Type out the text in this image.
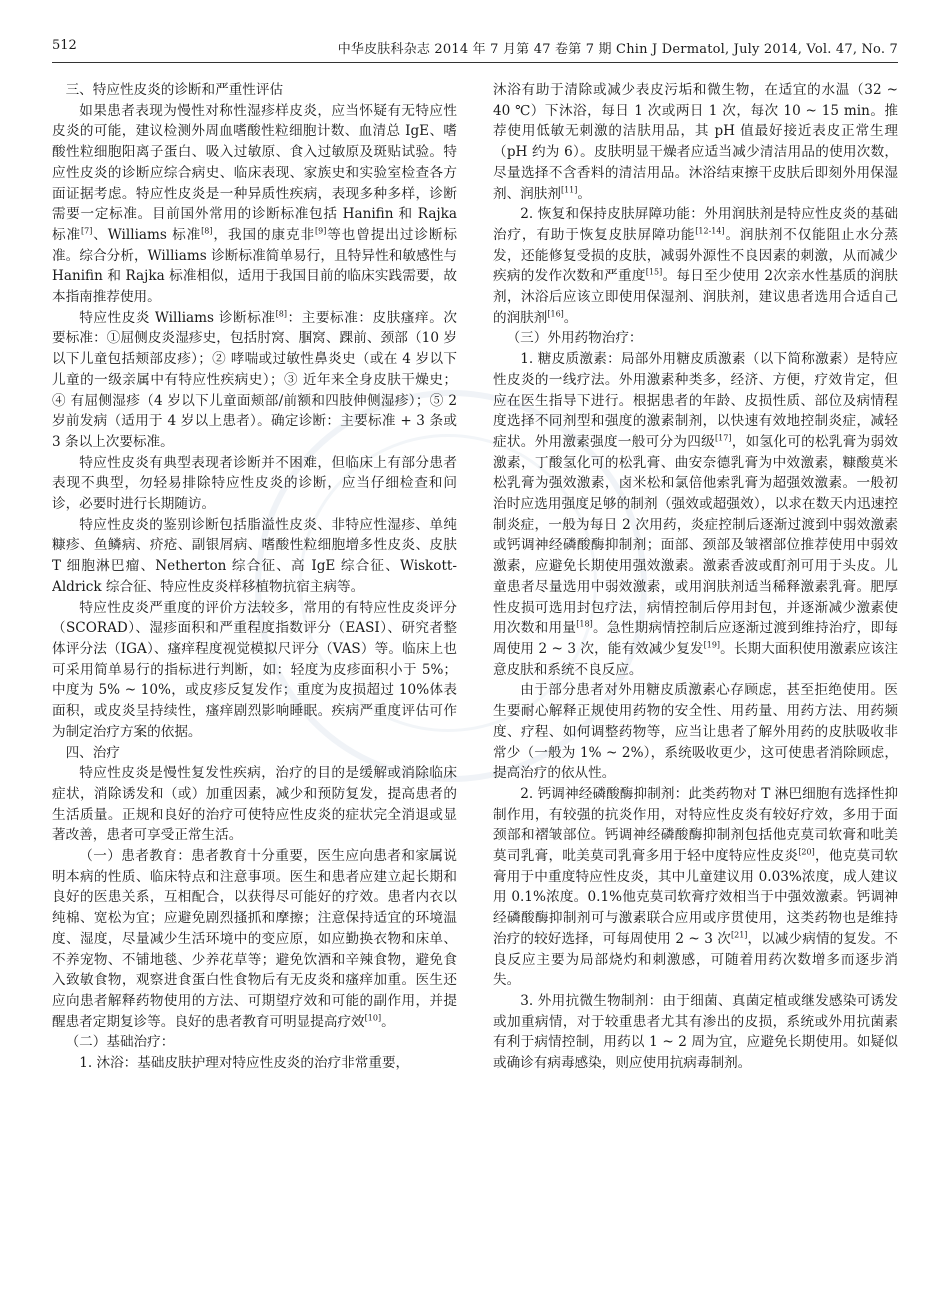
512	中华皮肤科杂志 2014 年 7 月第 47 卷第 7 期 Chin J Dermatol, July 2014, Vol. 47, No. 7

三、特应性皮炎的诊断和严重性评估

如果患者表现为慢性对称性湿疹样皮炎，应当怀疑有无特应性皮炎的可能，建议检测外周血嗜酸性粒细胞计数、血清总 IgE、嗜酸性粒细胞阳离子蛋白、吸入过敏原、食入过敏原及斑贴试验。特应性皮炎的诊断应综合病史、临床表现、家族史和实验室检查各方面证据考虑。特应性皮炎是一种异质性疾病，表现多种多样，诊断需要一定标准。目前国外常用的诊断标准包括 Hanifin 和 Rajka 标准[7]、Williams 标准[8]，我国的康克非[9]等也曾提出过诊断标准。综合分析，Williams 诊断标准简单易行，且特异性和敏感性与 Hanifin 和 Rajka 标准相似，适用于我国目前的临床实践需要，故本指南推荐使用。

特应性皮炎 Williams 诊断标准[8]：主要标准：皮肤瘙痒。次要标准：①屈侧皮炎湿疹史，包括肘窝、腘窝、踝前、颈部（10 岁以下儿童包括颊部皮疹）；② 哮喘或过敏性鼻炎史（或在 4 岁以下儿童的一级亲属中有特应性疾病史）；③ 近年来全身皮肤干燥史；④ 有屈侧湿疹（4 岁以下儿童面颊部/前额和四肢伸侧湿疹）；⑤ 2 岁前发病（适用于 4 岁以上患者）。确定诊断：主要标准 + 3 条或 3 条以上次要标准。

特应性皮炎有典型表现者诊断并不困难，但临床上有部分患者表现不典型，勿轻易排除特应性皮炎的诊断，应当仔细检查和问诊，必要时进行长期随访。

特应性皮炎的鉴别诊断包括脂溢性皮炎、非特应性湿疹、单纯糠疹、鱼鳞病、疥疮、副银屑病、嗜酸性粒细胞增多性皮炎、皮肤 T 细胞淋巴瘤、Netherton 综合征、高 IgE 综合征、Wiskott-Aldrick 综合征、特应性皮炎样移植物抗宿主病等。

特应性皮炎严重度的评价方法较多，常用的有特应性皮炎评分（SCORAD）、湿疹面积和严重程度指数评分（EASI）、研究者整体评分法（IGA）、瘙痒程度视觉模拟尺评分（VAS）等。临床上也可采用简单易行的指标进行判断，如：轻度为皮疹面积小于 5%；中度为 5% ~ 10%，或皮疹反复发作；重度为皮损超过 10%体表面积，或皮炎呈持续性，瘙痒剧烈影响睡眠。疾病严重度评估可作为制定治疗方案的依据。

四、治疗

特应性皮炎是慢性复发性疾病，治疗的目的是缓解或消除临床症状，消除诱发和（或）加重因素，减少和预防复发，提高患者的生活质量。正规和良好的治疗可使特应性皮炎的症状完全消退或显著改善，患者可享受正常生活。

（一）患者教育：患者教育十分重要，医生应向患者和家属说明本病的性质、临床特点和注意事项。医生和患者应建立起长期和良好的医患关系，互相配合，以获得尽可能好的疗效。患者内衣以纯棉、宽松为宜；应避免剧烈搔抓和摩擦；注意保持适宜的环境温度、湿度，尽量减少生活环境中的变应原，如应勤换衣物和床单、不养宠物、不铺地毯、少养花草等；避免饮酒和辛辣食物，避免食入致敏食物，观察进食蛋白性食物后有无皮炎和瘙痒加重。医生还应向患者解释药物使用的方法、可期望疗效和可能的副作用，并提醒患者定期复诊等。良好的患者教育可明显提高疗效[10]。

（二）基础治疗：

1. 沐浴：基础皮肤护理对特应性皮炎的治疗非常重要，

沐浴有助于清除或减少表皮污垢和微生物，在适宜的水温（32 ~ 40 ℃）下沐浴，每日 1 次或两日 1 次，每次 10 ~ 15 min。推荐使用低敏无刺激的洁肤用品，其 pH 值最好接近表皮正常生理（pH 约为 6）。皮肤明显干燥者应适当减少清洁用品的使用次数，尽量选择不含香料的清洁用品。沐浴结束擦干皮肤后即刻外用保湿剂、润肤剂[11]。

2. 恢复和保持皮肤屏障功能：外用润肤剂是特应性皮炎的基础治疗，有助于恢复皮肤屏障功能[12-14]。润肤剂不仅能阻止水分蒸发，还能修复受损的皮肤，减弱外源性不良因素的刺激，从而减少疾病的发作次数和严重度[15]。每日至少使用 2次亲水性基质的润肤剂，沐浴后应该立即使用保湿剂、润肤剂，建议患者选用合适自己的润肤剂[16]。

（三）外用药物治疗：

1. 糖皮质激素：局部外用糖皮质激素（以下简称激素）是特应性皮炎的一线疗法。外用激素种类多，经济、方便，疗效肯定，但应在医生指导下进行。根据患者的年龄、皮损性质、部位及病情程度选择不同剂型和强度的激素制剂，以快速有效地控制炎症，减轻症状。外用激素强度一般可分为四级[17]，如氢化可的松乳膏为弱效激素，丁酸氢化可的松乳膏、曲安奈德乳膏为中效激素，糠酸莫米松乳膏为强效激素，卤米松和氯倍他索乳膏为超强效激素。一般初治时应选用强度足够的制剂（强效或超强效），以求在数天内迅速控制炎症，一般为每日 2 次用药，炎症控制后逐渐过渡到中弱效激素或钙调神经磷酸酶抑制剂；面部、颈部及皱褶部位推荐使用中弱效激素，应避免长期使用强效激素。激素香波或酊剂可用于头皮。儿童患者尽量选用中弱效激素，或用润肤剂适当稀释激素乳膏。肥厚性皮损可选用封包疗法，病情控制后停用封包，并逐渐减少激素使用次数和用量[18]。急性期病情控制后应逐渐过渡到维持治疗，即每周使用 2 ~ 3 次，能有效减少复发[19]。长期大面积使用激素应该注意皮肤和系统不良反应。

由于部分患者对外用糖皮质激素心存顾虑，甚至拒绝使用。医生要耐心解释正规使用药物的安全性、用药量、用药方法、用药频度、疗程、如何调整药物等，应当让患者了解外用药的皮肤吸收非常少（一般为 1% ~ 2%），系统吸收更少，这可使患者消除顾虑，提高治疗的依从性。

2. 钙调神经磷酸酶抑制剂：此类药物对 T 淋巴细胞有选择性抑制作用，有较强的抗炎作用，对特应性皮炎有较好疗效，多用于面颈部和褶皱部位。钙调神经磷酸酶抑制剂包括他克莫司软膏和吡美莫司乳膏，吡美莫司乳膏多用于轻中度特应性皮炎[20]，他克莫司软膏用于中重度特应性皮炎，其中儿童建议用 0.03%浓度，成人建议用 0.1%浓度。0.1%他克莫司软膏疗效相当于中强效激素。钙调神经磷酸酶抑制剂可与激素联合应用或序贯使用，这类药物也是维持治疗的较好选择，可每周使用 2 ~ 3 次[21]，以减少病情的复发。不良反应主要为局部烧灼和刺激感，可随着用药次数增多而逐步消失。

3. 外用抗微生物制剂：由于细菌、真菌定植或继发感染可诱发或加重病情，对于较重患者尤其有渗出的皮损，系统或外用抗菌素有利于病情控制，用药以 1 ~ 2 周为宜，应避免长期使用。如疑似或确诊有病毒感染，则应使用抗病毒制剂。
